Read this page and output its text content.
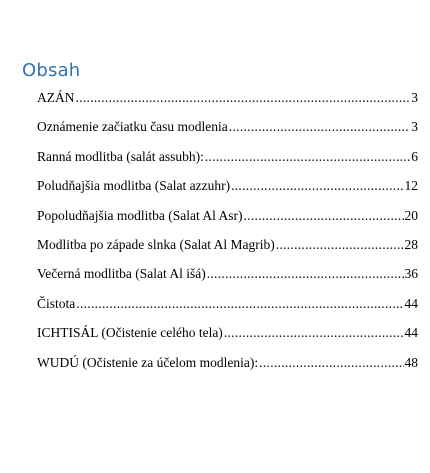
Obsah
AZÁN .....	3
Oznámenie začiatku času modlenia .....	3
Ranná modlitba (salát assubh): .....	6
Poludňajšia modlitba (Salat azzuhr) .....	12
Popoludňajšia modlitba (Salat Al Asr) .....	20
Modlitba po západe slnka (Salat Al Magrib) .....	28
Večerná modlitba (Salat Al išá) .....	36
Čistota .....	44
ICHTISÁL (Očistenie celého tela) .....	44
WUDÚ (Očistenie za účelom modlenia): .....	48
